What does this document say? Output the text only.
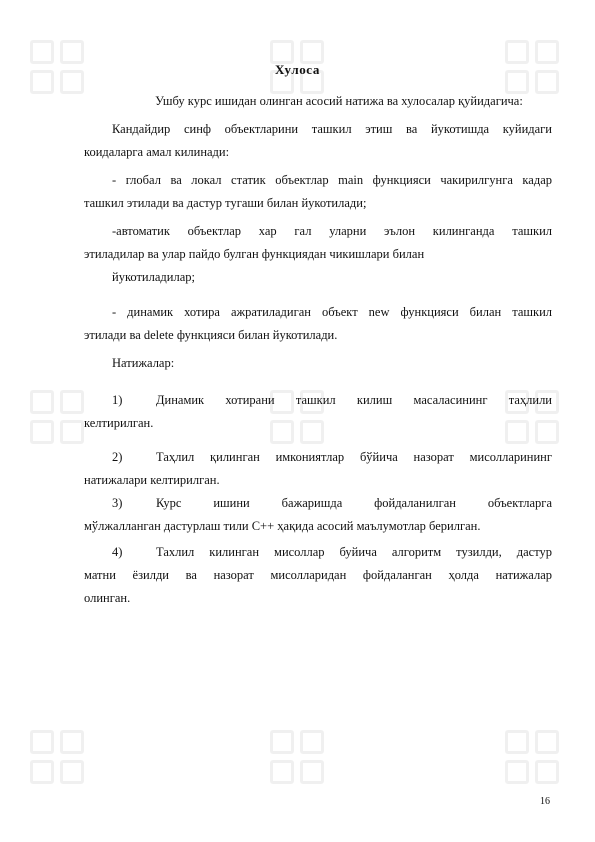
Хулоса
Ушбу курс ишидан олинган асосий натижа ва хулосалар қуйидагича:
Кандайдир синф объектларини ташкил этиш ва йукотишда куйидаги
коидаларга амал килинади:
- глобал ва локал статик объектлар main функцияси чакирилгунга кадар
ташкил этилади ва дастур тугаши билан йукотилади;
-автоматик объектлар хар гал уларни эълон килинганда ташкил
этиладилар ва улар пайдо булган функциядан чикишлари билан
йукотиладилар;
- динамик хотира ажратиладиган объект new функцияси билан ташкил
этилади ва delete функцияси билан йукотилади.
Натижалар:
1)	Динамик хотирани ташкил килиш масаласининг таҳлили
келтирилган.
2)	Таҳлил қилинган имкониятлар бўйича назорат мисолларининг
натижалари келтирилган.
3)	Курс ишини бажаришда фойдаланилган объектларга
мўлжалланган дастурлаш тили C++ ҳақида асосий маълумотлар берилган.
4)	Тахлил килинган мисоллар буйича алгоритм тузилди, дастур
матни ёзилди ва назорат мисолларидан фойдаланган ҳолда натижалар
олинган.
16
